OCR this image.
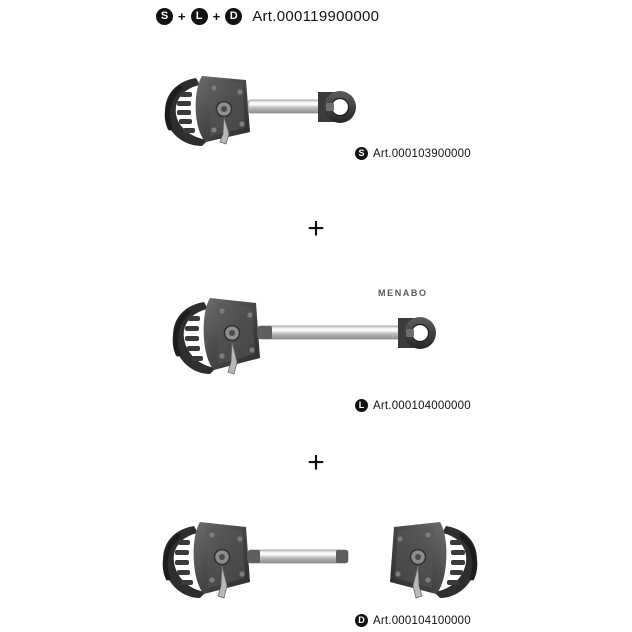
S + L + D Art.000119900000
S Art.000103900000
+
MENABO
L Art.000104000000
+
D Art.000104100000
